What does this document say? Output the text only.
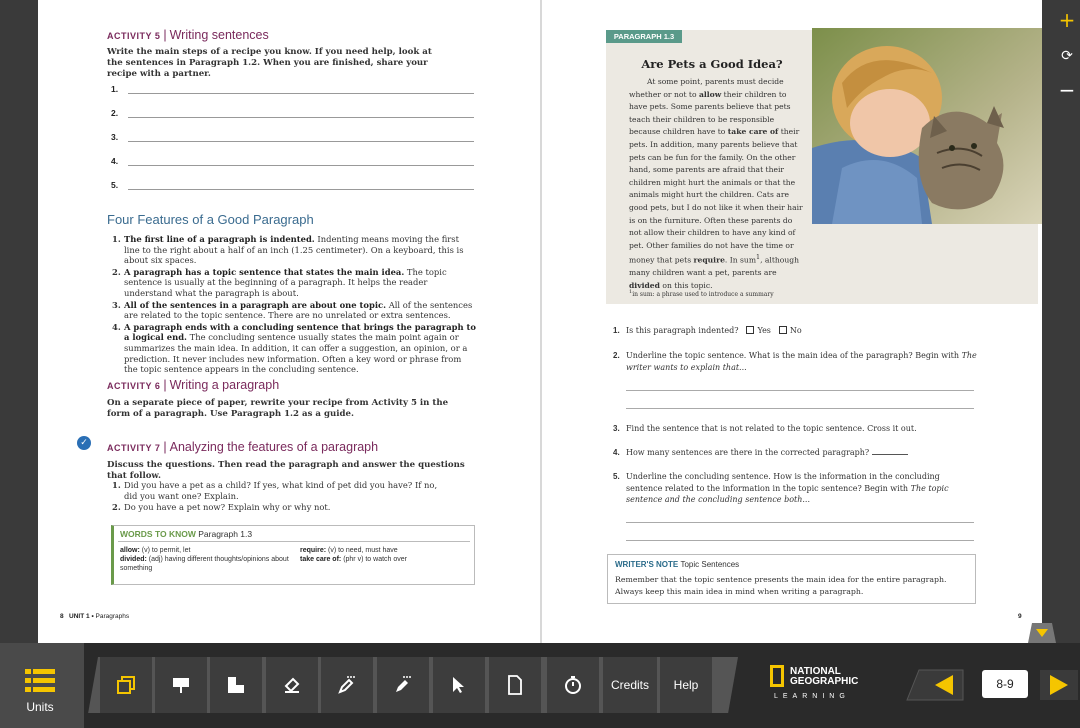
ACTIVITY 5 | Writing sentences
Write the main steps of a recipe you know. If you need help, look at the sentences in Paragraph 1.2. When you are finished, share your recipe with a partner.
1.
2.
3.
4.
5.
Four Features of a Good Paragraph
1. The first line of a paragraph is indented. Indenting means moving the first line to the right about a half of an inch (1.25 centimeter). On a keyboard, this is about six spaces.
2. A paragraph has a topic sentence that states the main idea. The topic sentence is usually at the beginning of a paragraph. It helps the reader understand what the paragraph is about.
3. All of the sentences in a paragraph are about one topic. All of the sentences are related to the topic sentence. There are no unrelated or extra sentences.
4. A paragraph ends with a concluding sentence that brings the paragraph to a logical end. The concluding sentence usually states the main point again or summarizes the main idea. In addition, it can offer a suggestion, an opinion, or a prediction. It never includes new information. Often a key word or phrase from the topic sentence appears in the concluding sentence.
ACTIVITY 6 | Writing a paragraph
On a separate piece of paper, rewrite your recipe from Activity 5 in the form of a paragraph. Use Paragraph 1.2 as a guide.
ACTIVITY 7 | Analyzing the features of a paragraph
Discuss the questions. Then read the paragraph and answer the questions that follow.
1. Did you have a pet as a child? If yes, what kind of pet did you have? If no, did you want one? Explain.
2. Do you have a pet now? Explain why or why not.
WORDS TO KNOW Paragraph 1.3
allow: (v) to permit, let
divided: (adj) having different thoughts/opinions about something
require: (v) to need, must have
take care of: (phr v) to watch over
8 UNIT 1 • Paragraphs
PARAGRAPH 1.3
Are Pets a Good Idea?
At some point, parents must decide whether or not to allow their children to have pets. Some parents believe that pets teach their children to be responsible because children have to take care of their pets. In addition, many parents believe that pets can be fun for the family. On the other hand, some parents are afraid that their children might hurt the animals or that the animals might hurt the children. Cats are good pets, but I do not like it when their hair is on the furniture. Often these parents do not allow their children to have any kind of pet. Other families do not have the time or money that pets require. In sum$^1$, although many children want a pet, parents are divided on this topic.
$^1$in sum: a phrase used to introduce a summary
1. Is this paragraph indented? Yes No
2. Underline the topic sentence. What is the main idea of the paragraph? Begin with The writer wants to explain that...
3. Find the sentence that is not related to the topic sentence. Cross it out.
4. How many sentences are there in the corrected paragraph?
5. Underline the concluding sentence. How is the information in the concluding sentence related to the information in the topic sentence? Begin with The topic sentence and the concluding sentence both...
WRITER'S NOTE Topic Sentences
Remember that the topic sentence presents the main idea for the entire paragraph. Always keep this main idea in mind when writing a paragraph.
9
✓
+
⟳
−
Units
Credits	Help
NATIONAL
GEOGRAPHIC
LEARNING
8-9
